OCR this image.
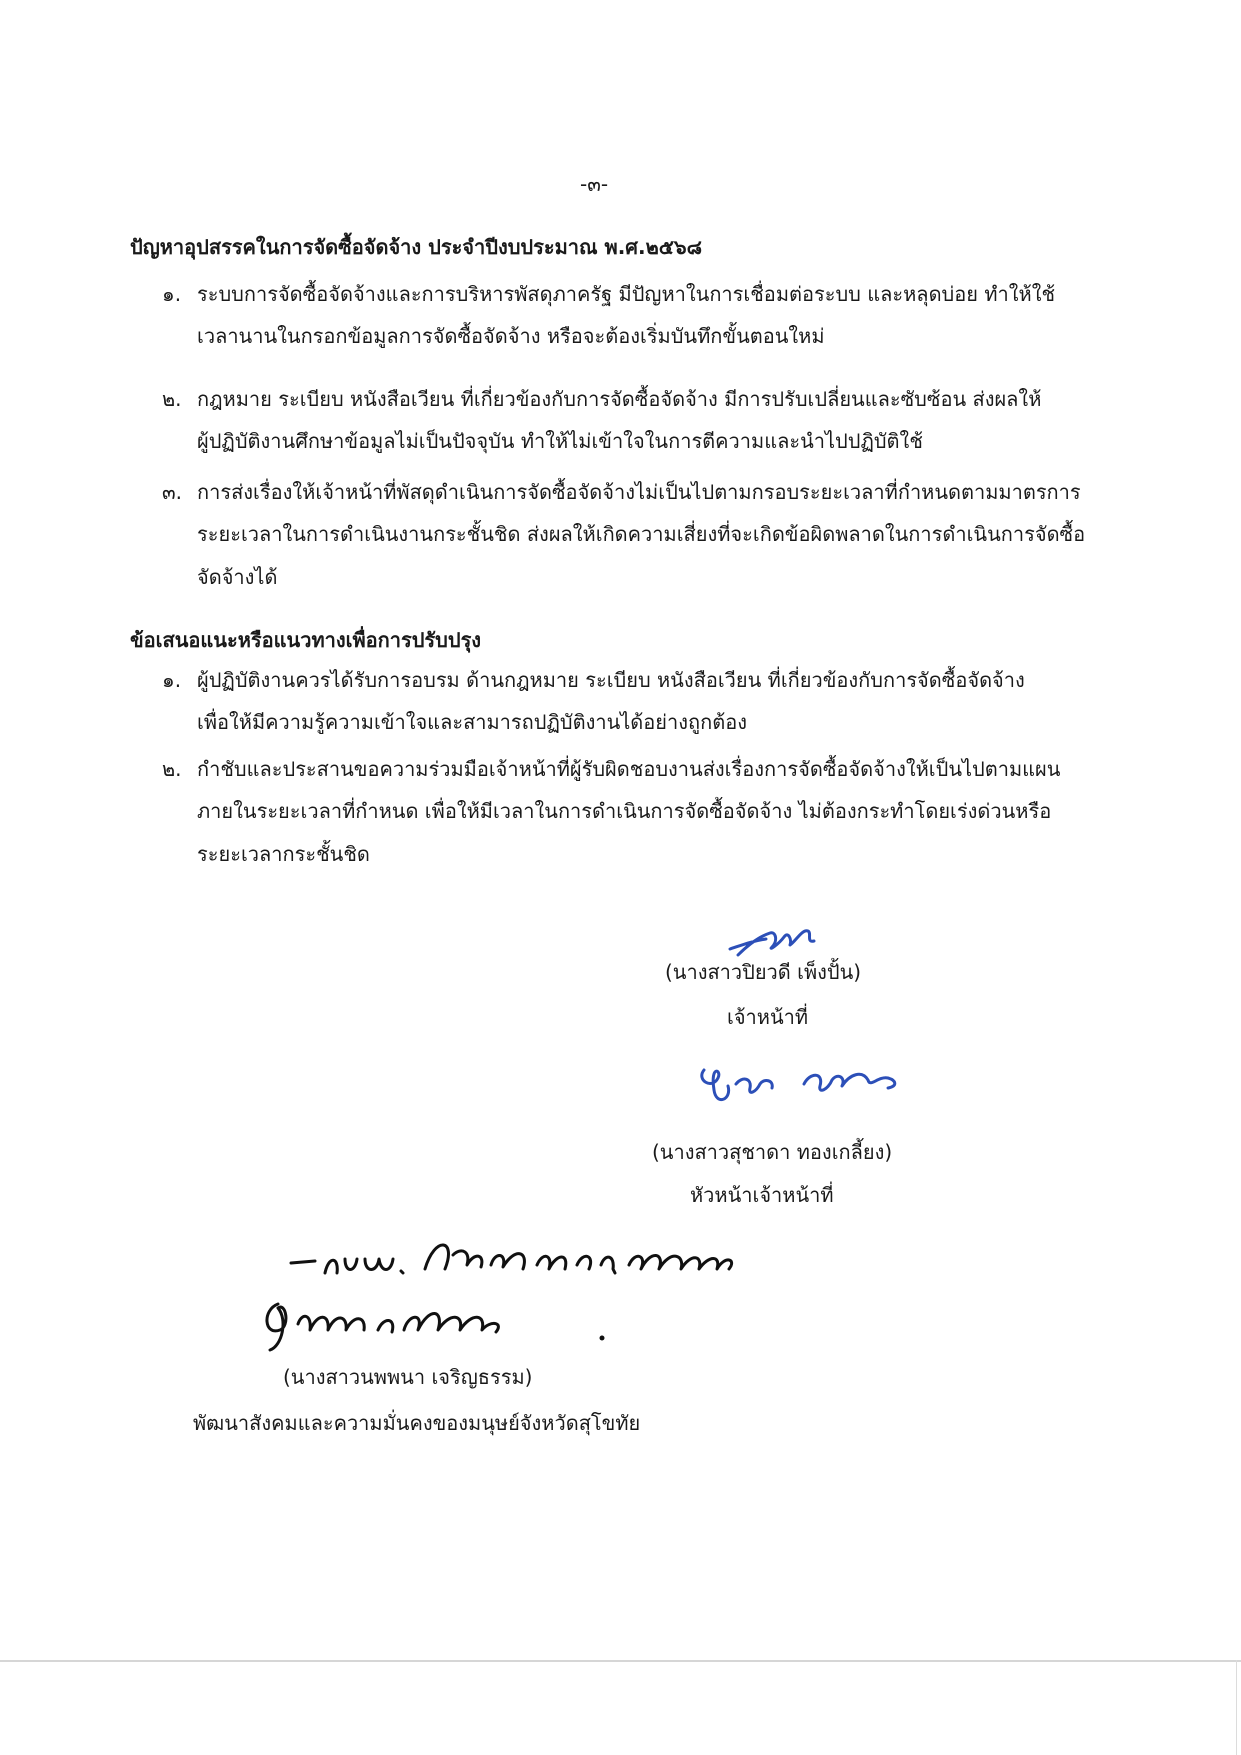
-๓-
ปัญหาอุปสรรคในการจัดซื้อจัดจ้าง ประจำปีงบประมาณ พ.ศ.๒๕๖๘
๑. ระบบการจัดซื้อจัดจ้างและการบริหารพัสดุภาครัฐ มีปัญหาในการเชื่อมต่อระบบ และหลุดบ่อย ทำให้ใช้
เวลานานในกรอกข้อมูลการจัดซื้อจัดจ้าง หรือจะต้องเริ่มบันทึกขั้นตอนใหม่
๒. กฎหมาย ระเบียบ หนังสือเวียน ที่เกี่ยวข้องกับการจัดซื้อจัดจ้าง มีการปรับเปลี่ยนและซับซ้อน ส่งผลให้
ผู้ปฏิบัติงานศึกษาข้อมูลไม่เป็นปัจจุบัน ทำให้ไม่เข้าใจในการตีความและนำไปปฏิบัติใช้
๓. การส่งเรื่องให้เจ้าหน้าที่พัสดุดำเนินการจัดซื้อจัดจ้างไม่เป็นไปตามกรอบระยะเวลาที่กำหนดตามมาตรการ
ระยะเวลาในการดำเนินงานกระชั้นชิด ส่งผลให้เกิดความเสี่ยงที่จะเกิดข้อผิดพลาดในการดำเนินการจัดซื้อ
จัดจ้างได้
ข้อเสนอแนะหรือแนวทางเพื่อการปรับปรุง
๑. ผู้ปฏิบัติงานควรได้รับการอบรม ด้านกฎหมาย ระเบียบ หนังสือเวียน ที่เกี่ยวข้องกับการจัดซื้อจัดจ้าง
เพื่อให้มีความรู้ความเข้าใจและสามารถปฏิบัติงานได้อย่างถูกต้อง
๒. กำชับและประสานขอความร่วมมือเจ้าหน้าที่ผู้รับผิดชอบงานส่งเรื่องการจัดซื้อจัดจ้างให้เป็นไปตามแผน
ภายในระยะเวลาที่กำหนด เพื่อให้มีเวลาในการดำเนินการจัดซื้อจัดจ้าง ไม่ต้องกระทำโดยเร่งด่วนหรือ
ระยะเวลากระชั้นชิด
(นางสาวปิยวดี เพ็งปั้น)
เจ้าหน้าที่
(นางสาวสุชาดา ทองเกลี้ยง)
หัวหน้าเจ้าหน้าที่
(นางสาวนพพนา เจริญธรรม)
พัฒนาสังคมและความมั่นคงของมนุษย์จังหวัดสุโขทัย
